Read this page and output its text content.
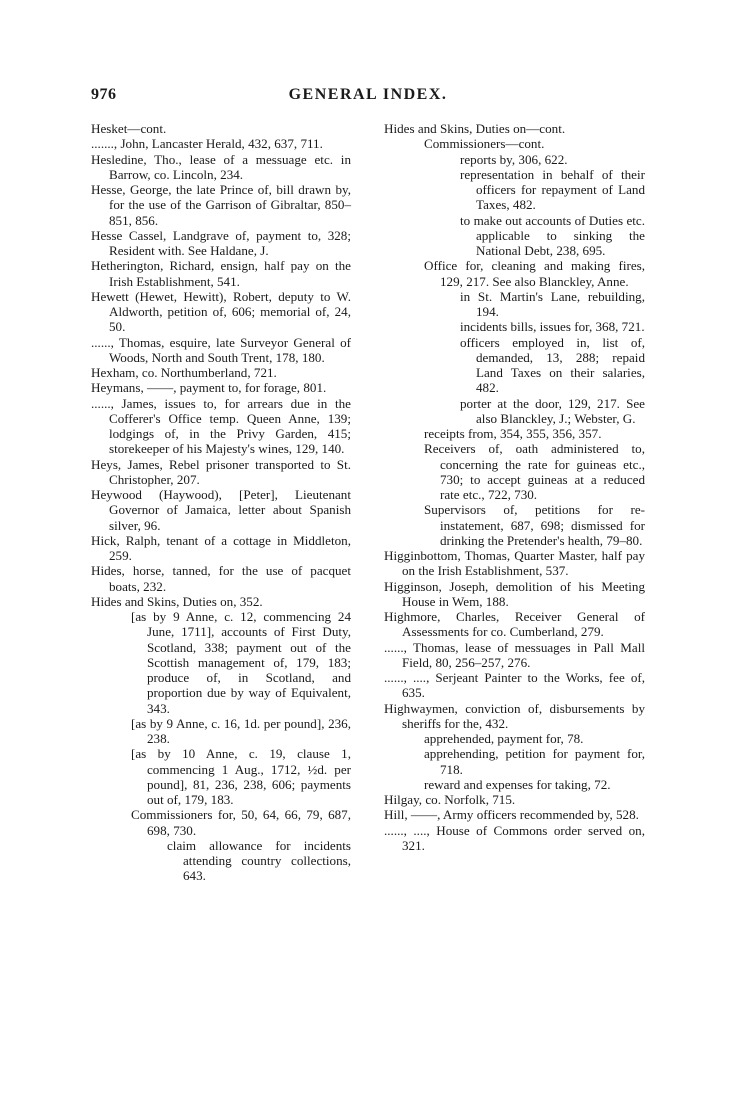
976	GENERAL INDEX.
Hesket—cont.
......., John, Lancaster Herald, 432, 637, 711.
Hesledine, Tho., lease of a messuage etc. in Barrow, co. Lincoln, 234.
Hesse, George, the late Prince of, bill drawn by, for the use of the Garrison of Gibraltar, 850–851, 856.
Hesse Cassel, Landgrave of, payment to, 328; Resident with. See Haldane, J.
Hetherington, Richard, ensign, half pay on the Irish Establishment, 541.
Hewett (Hewet, Hewitt), Robert, deputy to W. Aldworth, petition of, 606; memorial of, 24, 50.
......, Thomas, esquire, late Surveyor General of Woods, North and South Trent, 178, 180.
Hexham, co. Northumberland, 721.
Heymans, ——, payment to, for forage, 801.
......, James, issues to, for arrears due in the Cofferer's Office temp. Queen Anne, 139; lodgings of, in the Privy Garden, 415; storekeeper of his Majesty's wines, 129, 140.
Heys, James, Rebel prisoner transported to St. Christopher, 207.
Heywood (Haywood), [Peter], Lieutenant Governor of Jamaica, letter about Spanish silver, 96.
Hick, Ralph, tenant of a cottage in Middleton, 259.
Hides, horse, tanned, for the use of pacquet boats, 232.
Hides and Skins, Duties on, 352.
[as by 9 Anne, c. 12, commencing 24 June, 1711], accounts of First Duty, Scotland, 338; payment out of the Scottish management of, 179, 183; produce of, in Scotland, and proportion due by way of Equivalent, 343.
[as by 9 Anne, c. 16, 1d. per pound], 236, 238.
[as by 10 Anne, c. 19, clause 1, commencing 1 Aug., 1712, ½d. per pound], 81, 236, 238, 606; payments out of, 179, 183.
Commissioners for, 50, 64, 66, 79, 687, 698, 730.
claim allowance for incidents attending country collections, 643.
Hides and Skins, Duties on—cont.
Commissioners—cont.
reports by, 306, 622.
representation in behalf of their officers for repayment of Land Taxes, 482.
to make out accounts of Duties etc. applicable to sinking the National Debt, 238, 695.
Office for, cleaning and making fires, 129, 217. See also Blanckley, Anne.
in St. Martin's Lane, rebuilding, 194.
incidents bills, issues for, 368, 721.
officers employed in, list of, demanded, 13, 288; repaid Land Taxes on their salaries, 482.
porter at the door, 129, 217. See also Blanckley, J.; Webster, G.
receipts from, 354, 355, 356, 357.
Receivers of, oath administered to, concerning the rate for guineas etc., 730; to accept guineas at a reduced rate etc., 722, 730.
Supervisors of, petitions for re-instatement, 687, 698; dismissed for drinking the Pretender's health, 79–80.
Higginbottom, Thomas, Quarter Master, half pay on the Irish Establishment, 537.
Higginson, Joseph, demolition of his Meeting House in Wem, 188.
Highmore, Charles, Receiver General of Assessments for co. Cumberland, 279.
......, Thomas, lease of messuages in Pall Mall Field, 80, 256–257, 276.
......, ...., Serjeant Painter to the Works, fee of, 635.
Highwaymen, conviction of, disbursements by sheriffs for the, 432.
apprehended, payment for, 78.
apprehending, petition for payment for, 718.
reward and expenses for taking, 72.
Hilgay, co. Norfolk, 715.
Hill, ——, Army officers recommended by, 528.
......, ...., House of Commons order served on, 321.
